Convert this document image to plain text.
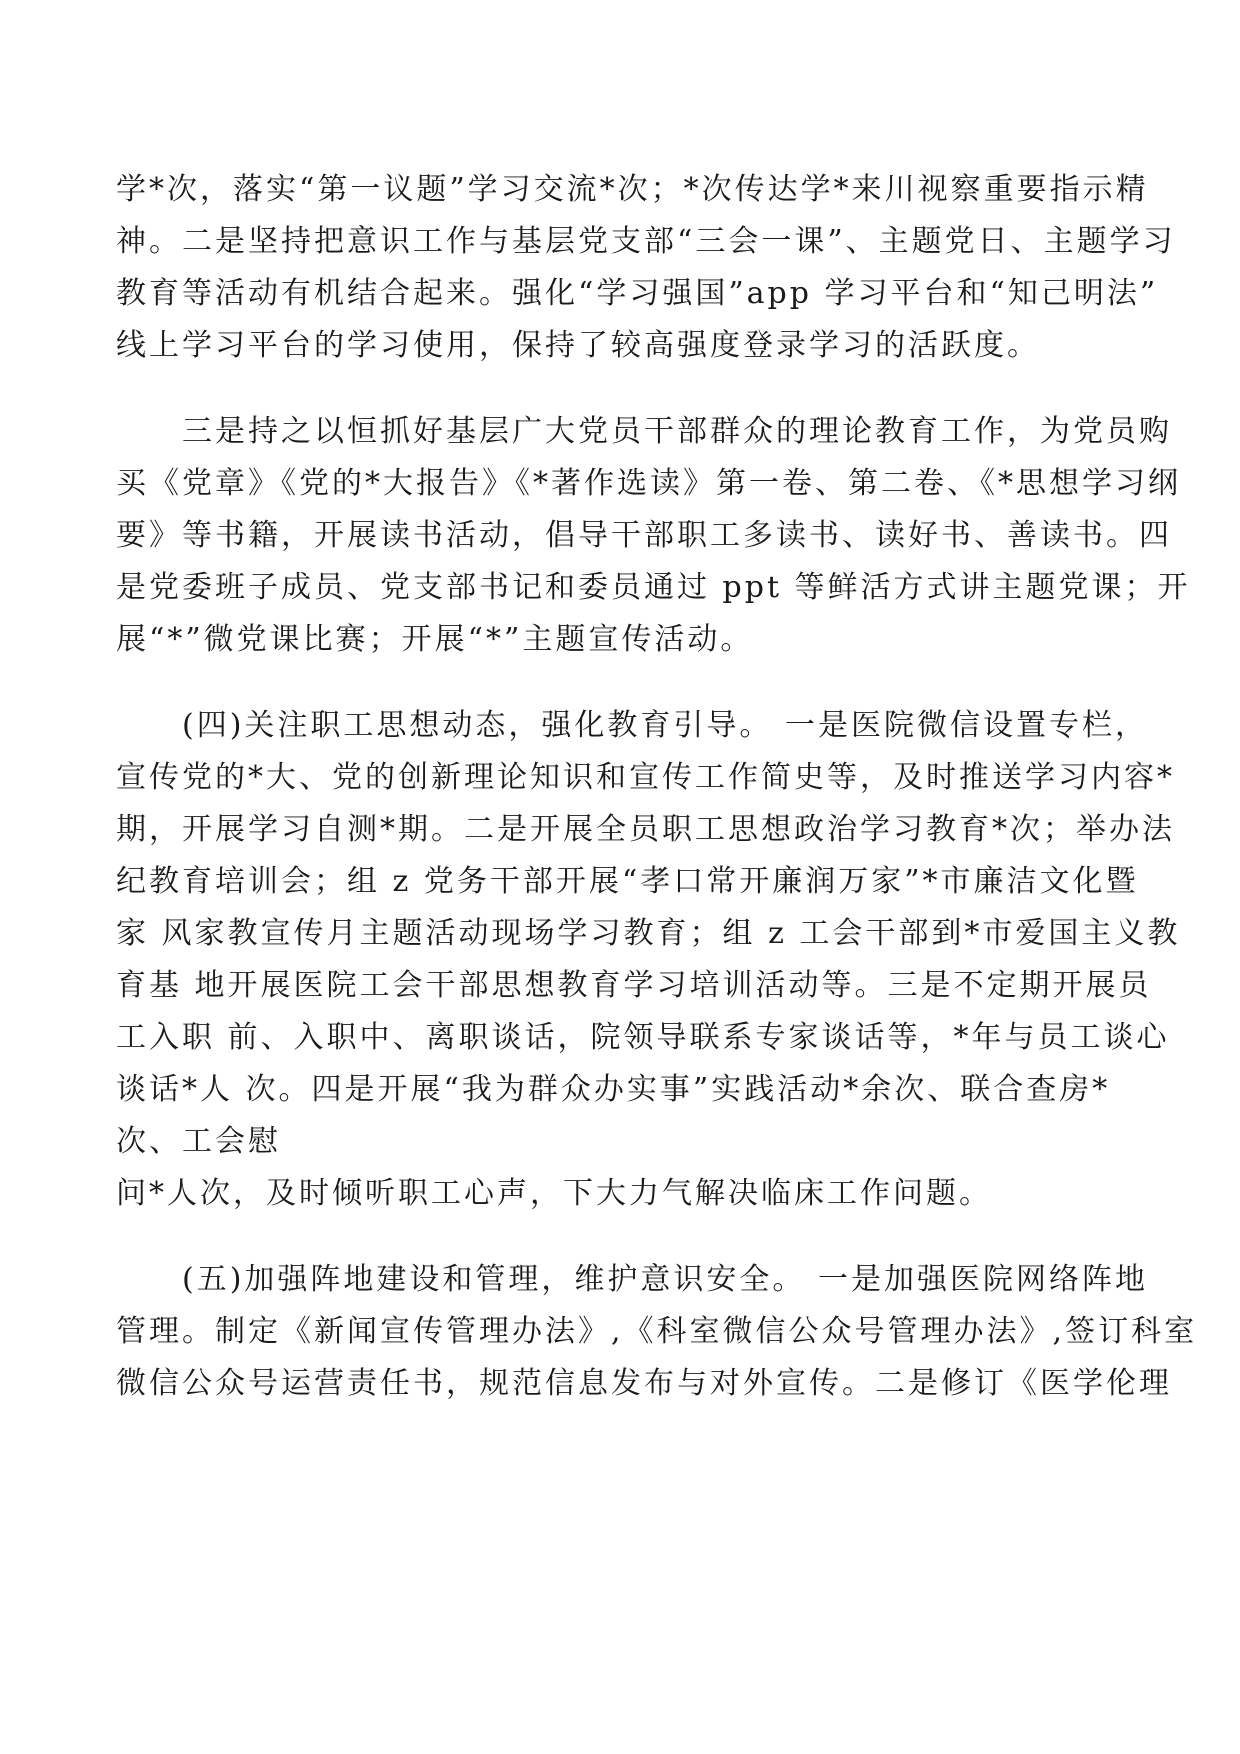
学*次，落实“第一议题”学习交流*次；*次传达学*来川视察重要指示精
神。二是坚持把意识工作与基层党支部“三会一课”、主题党日、主题学习
教育等活动有机结合起来。强化“学习强国”app 学习平台和“知己明法”
线上学习平台的学习使用，保持了较高强度登录学习的活跃度。
　　三是持之以恒抓好基层广大党员干部群众的理论教育工作，为党员购
买《党章》《党的*大报告》《*著作选读》第一卷、第二卷、《*思想学习纲
要》等书籍，开展读书活动，倡导干部职工多读书、读好书、善读书。四
是党委班子成员、党支部书记和委员通过 ppt 等鲜活方式讲主题党课；开
展“*”微党课比赛；开展“*”主题宣传活动。
　　(四)关注职工思想动态，强化教育引导。 一是医院微信设置专栏，
宣传党的*大、党的创新理论知识和宣传工作简史等，及时推送学习内容*
期，开展学习自测*期。二是开展全员职工思想政治学习教育*次；举办法
纪教育培训会；组 z 党务干部开展“孝口常开廉润万家”*市廉洁文化暨
家 风家教宣传月主题活动现场学习教育；组 z 工会干部到*市爱国主义教
育基 地开展医院工会干部思想教育学习培训活动等。三是不定期开展员
工入职 前、入职中、离职谈话，院领导联系专家谈话等，*年与员工谈心
谈话*人 次。四是开展“我为群众办实事”实践活动*余次、联合查房*
次、工会慰
问*人次，及时倾听职工心声，下大力气解决临床工作问题。
　　(五)加强阵地建设和管理，维护意识安全。 一是加强医院网络阵地
管理。制定《新闻宣传管理办法》,《科室微信公众号管理办法》,签订科室
微信公众号运营责任书，规范信息发布与对外宣传。二是修订《医学伦理
